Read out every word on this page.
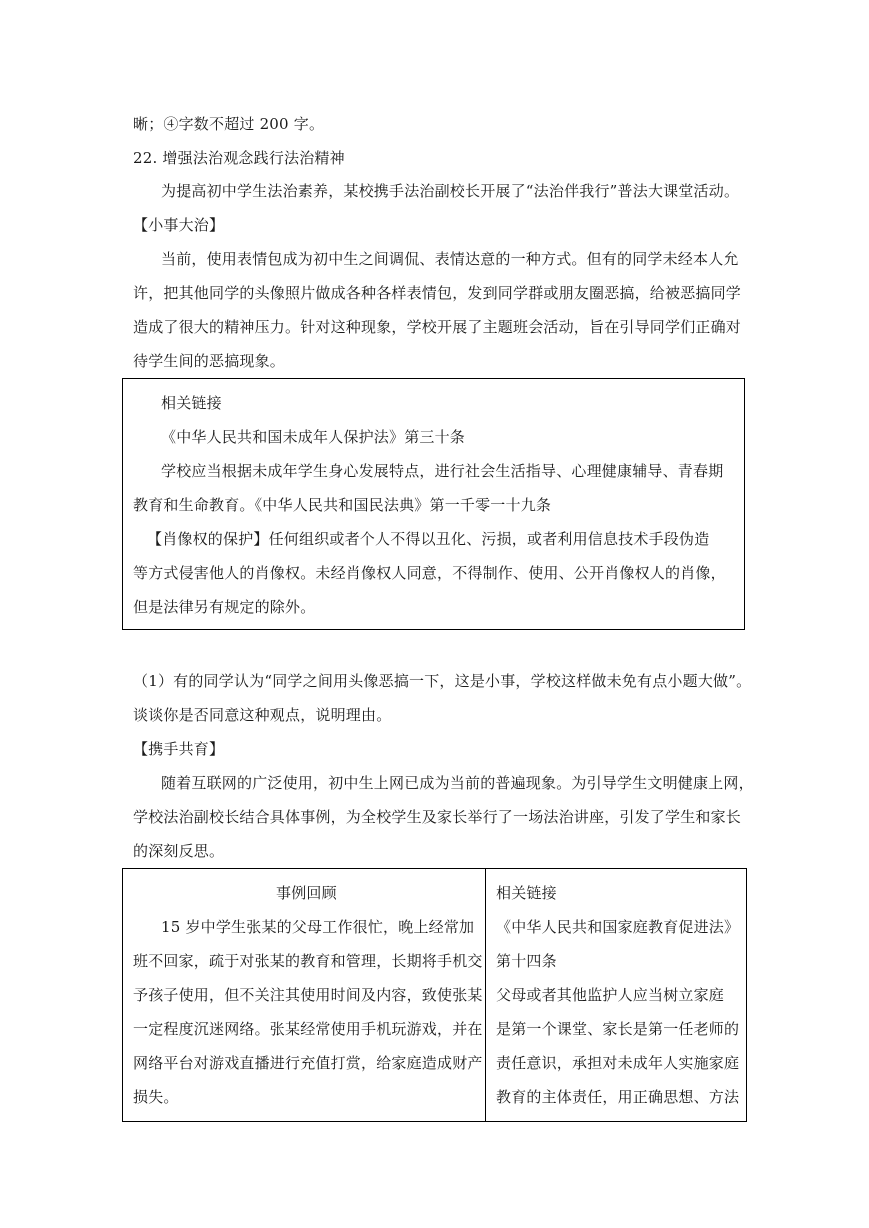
晰；④字数不超过 200 字。
22. 增强法治观念践行法治精神
为提高初中学生法治素养，某校携手法治副校长开展了“法治伴我行”普法大课堂活动。
【小事大治】
当前，使用表情包成为初中生之间调侃、表情达意的一种方式。但有的同学未经本人允
许，把其他同学的头像照片做成各种各样表情包，发到同学群或朋友圈恶搞，给被恶搞同学
造成了很大的精神压力。针对这种现象，学校开展了主题班会活动，旨在引导同学们正确对
待学生间的恶搞现象。
相关链接
《中华人民共和国未成年人保护法》第三十条
学校应当根据未成年学生身心发展特点，进行社会生活指导、心理健康辅导、青春期
教育和生命教育。《中华人民共和国民法典》第一千零一十九条
【肖像权的保护】任何组织或者个人不得以丑化、污损，或者利用信息技术手段伪造
等方式侵害他人的肖像权。未经肖像权人同意，不得制作、使用、公开肖像权人的肖像，
但是法律另有规定的除外。
（1）有的同学认为“同学之间用头像恶搞一下，这是小事，学校这样做未免有点小题大做”。
谈谈你是否同意这种观点，说明理由。
【携手共育】
随着互联网的广泛使用，初中生上网已成为当前的普遍现象。为引导学生文明健康上网，
学校法治副校长结合具体事例，为全校学生及家长举行了一场法治讲座，引发了学生和家长
的深刻反思。
事例回顾
15 岁中学生张某的父母工作很忙，晚上经常加
班不回家，疏于对张某的教育和管理，长期将手机交
予孩子使用，但不关注其使用时间及内容，致使张某
一定程度沉迷网络。张某经常使用手机玩游戏，并在
网络平台对游戏直播进行充值打赏，给家庭造成财产
损失。
相关链接
《中华人民共和国家庭教育促进法》
第十四条
父母或者其他监护人应当树立家庭
是第一个课堂、家长是第一任老师的
责任意识，承担对未成年人实施家庭
教育的主体责任，用正确思想、方法
